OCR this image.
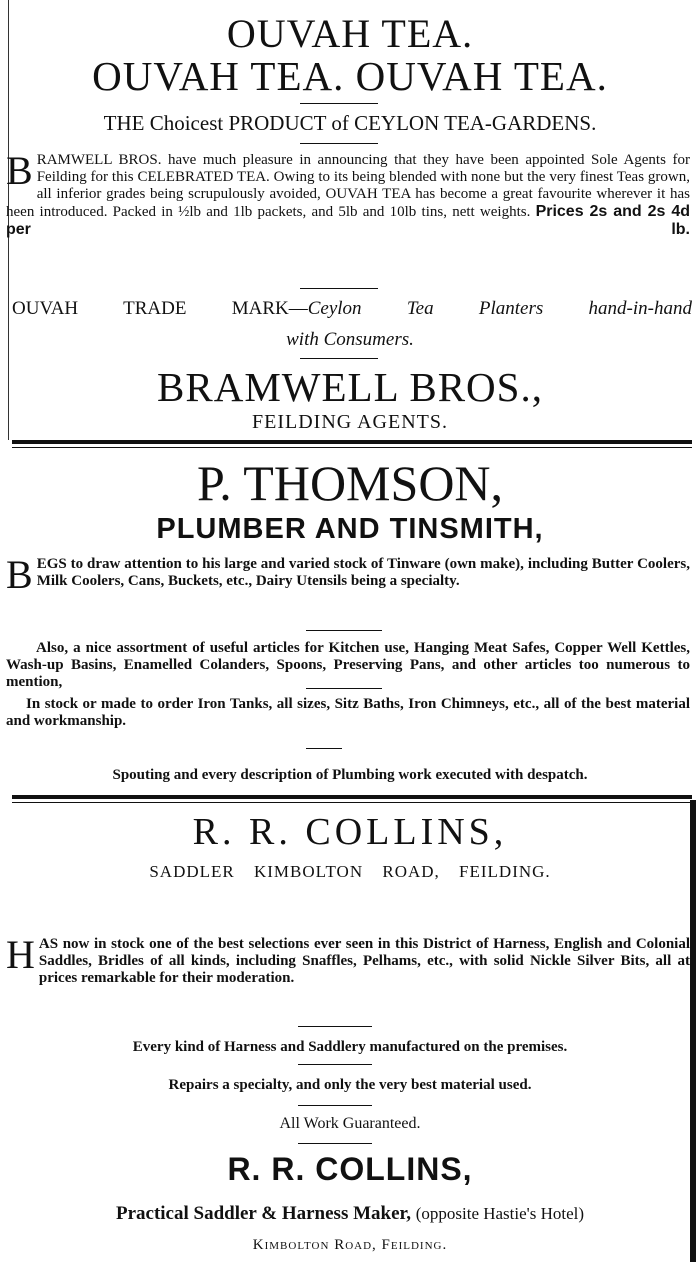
OUVAH TEA.
OUVAH TEA. OUVAH TEA.
THE Choicest PRODUCT of CEYLON TEA-GARDENS.
BRAMWELL BROS. have much pleasure in announcing that they have been appointed Sole Agents for Feilding for this CELEBRATED TEA. Owing to its being blended with none but the very finest Teas grown, all inferior grades being scrupulously avoided, OUVAH TEA has become a great favourite wherever it has heen introduced. Packed in ½lb and 1lb packets, and 5lb and 10lb tins, nett weights. Prices 2s and 2s 4d per lb.
OUVAH TRADE MARK—Ceylon Tea Planters hand-in-hand
with Consumers.
BRAMWELL BROS.,
FEILDING AGENTS.
P. THOMSON,
PLUMBER AND TINSMITH,
BEGS to draw attention to his large and varied stock of Tinware (own make), including Butter Coolers, Milk Coolers, Cans, Buckets, etc., Dairy Utensils being a specialty.
Also, a nice assortment of useful articles for Kitchen use, Hanging Meat Safes, Copper Well Kettles, Wash-up Basins, Enamelled Colanders, Spoons, Preserving Pans, and other articles too numerous to mention,
In stock or made to order Iron Tanks, all sizes, Sitz Baths, Iron Chimneys, etc., all of the best material and workmanship.
Spouting and every description of Plumbing work executed with despatch.
R. R. COLLINS,
SADDLER KIMBOLTON ROAD, FEILDING.
HAS now in stock one of the best selections ever seen in this District of Harness, English and Colonial Saddles, Bridles of all kinds, including Snaffles, Pelhams, etc., with solid Nickle Silver Bits, all at prices remarkable for their moderation.
Every kind of Harness and Saddlery manufactured on the premises.
Repairs a specialty, and only the very best material used.
All Work Guaranteed.
R. R. COLLINS,
Practical Saddler & Harness Maker, (opposite Hastie's Hotel)
Kimbolton Road, Feilding.
